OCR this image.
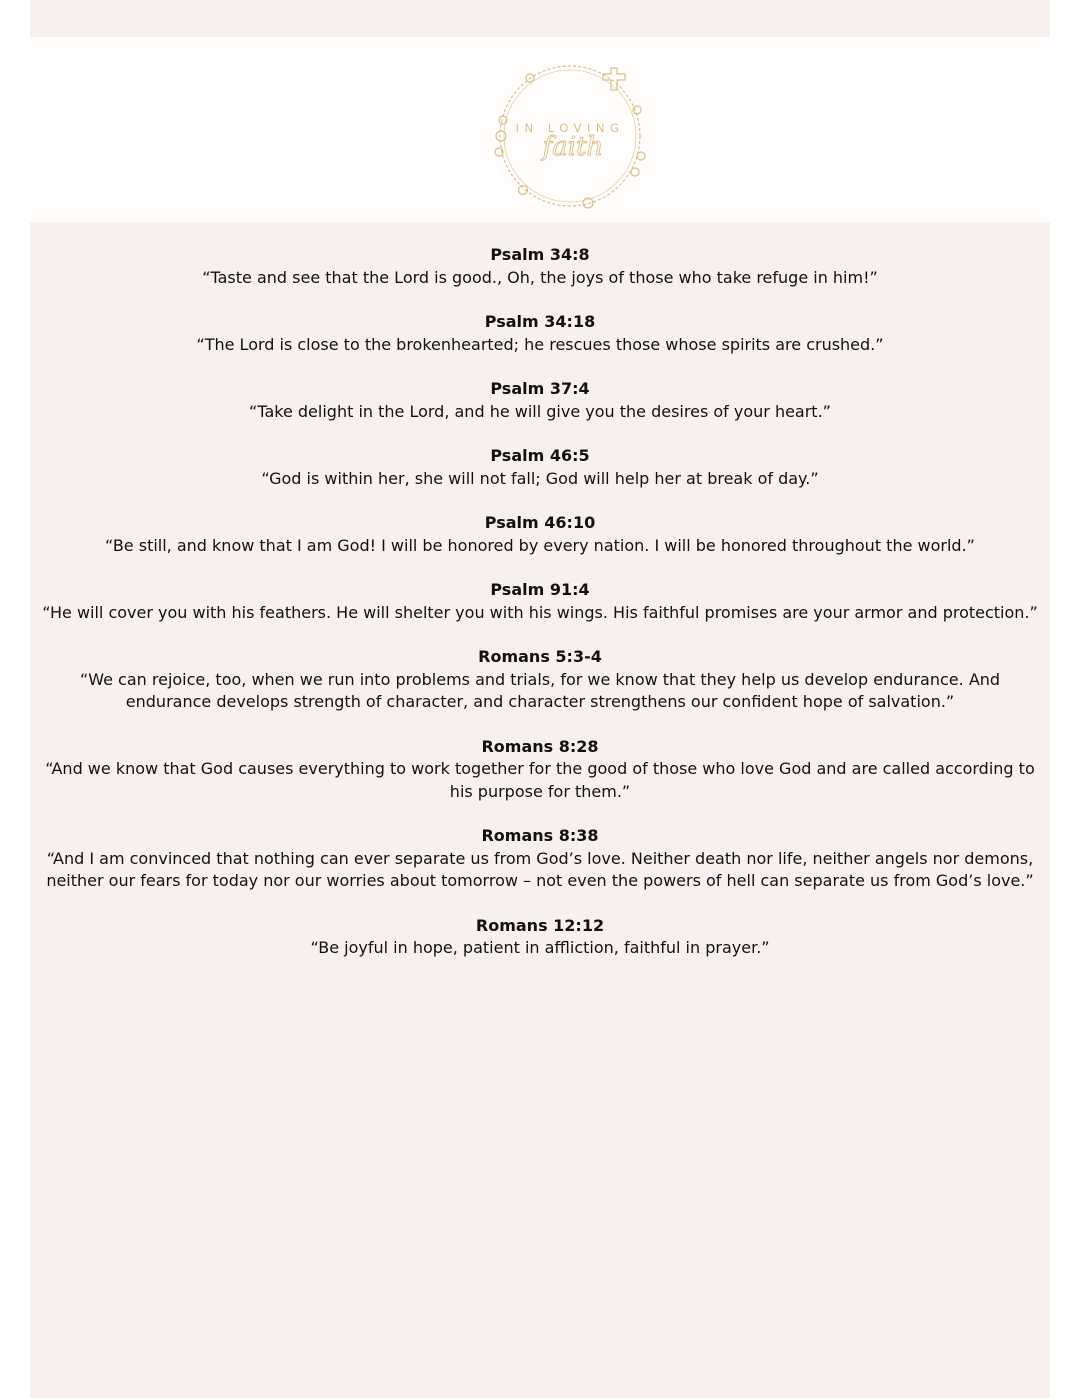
IN LOVING
faith
Psalm 34:8
“Taste and see that the Lord is good., Oh, the joys of those who take refuge in him!”
Psalm 34:18
“The Lord is close to the brokenhearted; he rescues those whose spirits are crushed.”
Psalm 37:4
“Take delight in the Lord, and he will give you the desires of your heart.”
Psalm 46:5
“God is within her, she will not fall; God will help her at break of day.”
Psalm 46:10
“Be still, and know that I am God! I will be honored by every nation. I will be honored throughout the world.”
Psalm 91:4
“He will cover you with his feathers. He will shelter you with his wings. His faithful promises are your armor and protection.”
Romans 5:3-4
“We can rejoice, too, when we run into problems and trials, for we know that they help us develop endurance. And endurance develops strength of character, and character strengthens our confident hope of salvation.”
Romans 8:28
“And we know that God causes everything to work together for the good of those who love God and are called according to his purpose for them.”
Romans 8:38
“And I am convinced that nothing can ever separate us from God’s love. Neither death nor life, neither angels nor demons, neither our fears for today nor our worries about tomorrow – not even the powers of hell can separate us from God’s love.”
Romans 12:12
“Be joyful in hope, patient in affliction, faithful in prayer.”
